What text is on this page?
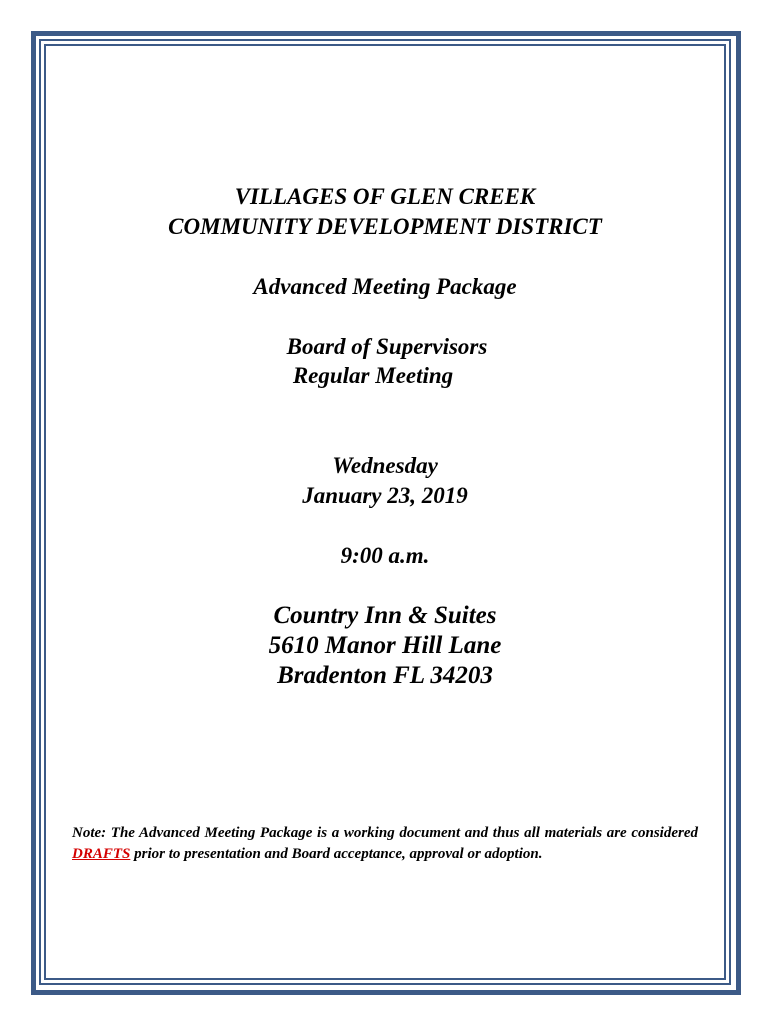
VILLAGES OF GLEN CREEK
COMMUNITY DEVELOPMENT DISTRICT
Advanced Meeting Package
Board of Supervisors
Regular Meeting
Wednesday
January 23, 2019
9:00 a.m.
Country Inn & Suites
5610 Manor Hill Lane
Bradenton FL 34203
Note: The Advanced Meeting Package is a working document and thus all materials are considered DRAFTS prior to presentation and Board acceptance, approval or adoption.
